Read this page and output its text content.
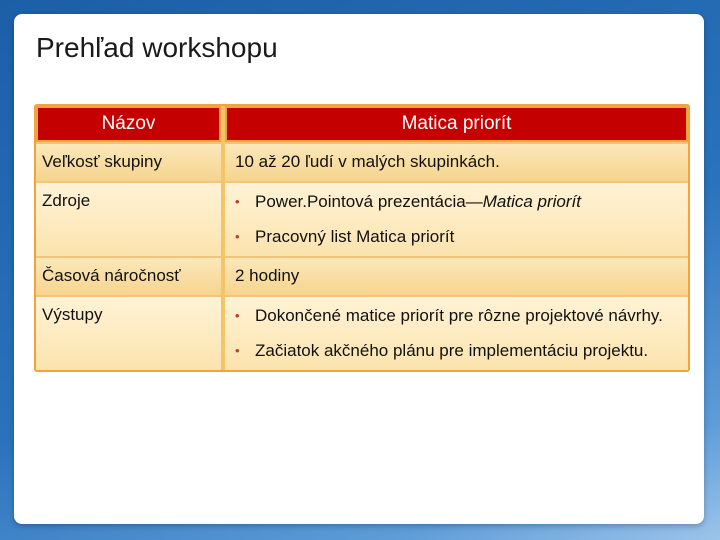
Prehľad workshopu
Názov	Matica priorít
Veľkosť skupiny	10 až 20 ľudí v malých skupinkách.
Zdroje	• Power.Pointová prezentácia—Matica priorít
• Pracovný list Matica priorít
Časová náročnosť	2 hodiny
Výstupy	• Dokončené matice priorít pre rôzne projektové návrhy.
• Začiatok akčného plánu pre implementáciu projektu.
